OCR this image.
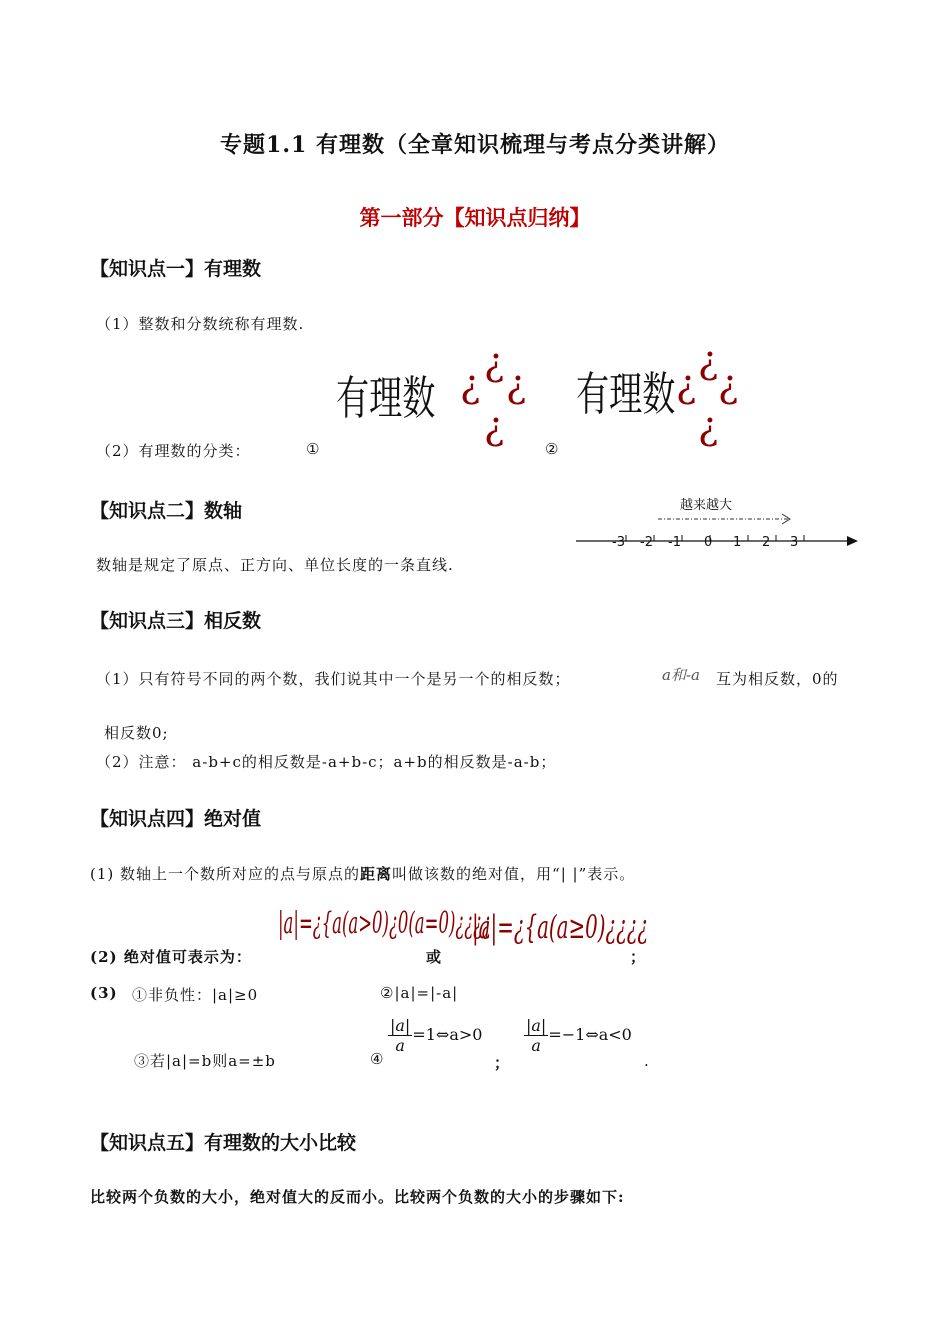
专题1.1 有理数（全章知识梳理与考点分类讲解）
第一部分【知识点归纳】
【知识点一】有理数
（1）整数和分数统称有理数.
（2）有理数的分类：	①	②
有理数 ¿ ¿
¿
¿ 有理数 ¿
¿
¿
¿
【知识点二】数轴
数轴是规定了原点、正方向、单位长度的一条直线.
越来越大
-3 -2 -1 0 1 2 3
【知识点三】相反数
（1）只有符号不同的两个数，我们说其中一个是另一个的相反数；	a和-a 互为相反数，0的
相反数0;
（2）注意： a-b+c的相反数是-a+b-c；a+b的相反数是-a-b；
【知识点四】绝对值
(1) 数轴上一个数所对应的点与原点的距离叫做该数的绝对值，用“| |”表示。
(2) 绝对值可表示为：
|a|=¿{a(a>0)¿0(a=0)¿¿¿¿
或
|a|=¿{a(a≥0)¿¿¿¿
；
(3) ①非负性：|a|≥0	②|a|=|-a|
③若|a|=b则a=±b	④
$\frac{|a|}{a}$ =1⇔a>0
；
$\frac{|a|}{a}$ =−1⇔a<0
.
【知识点五】有理数的大小比较
比较两个负数的大小，绝对值大的反而小。比较两个负数的大小的步骤如下:
